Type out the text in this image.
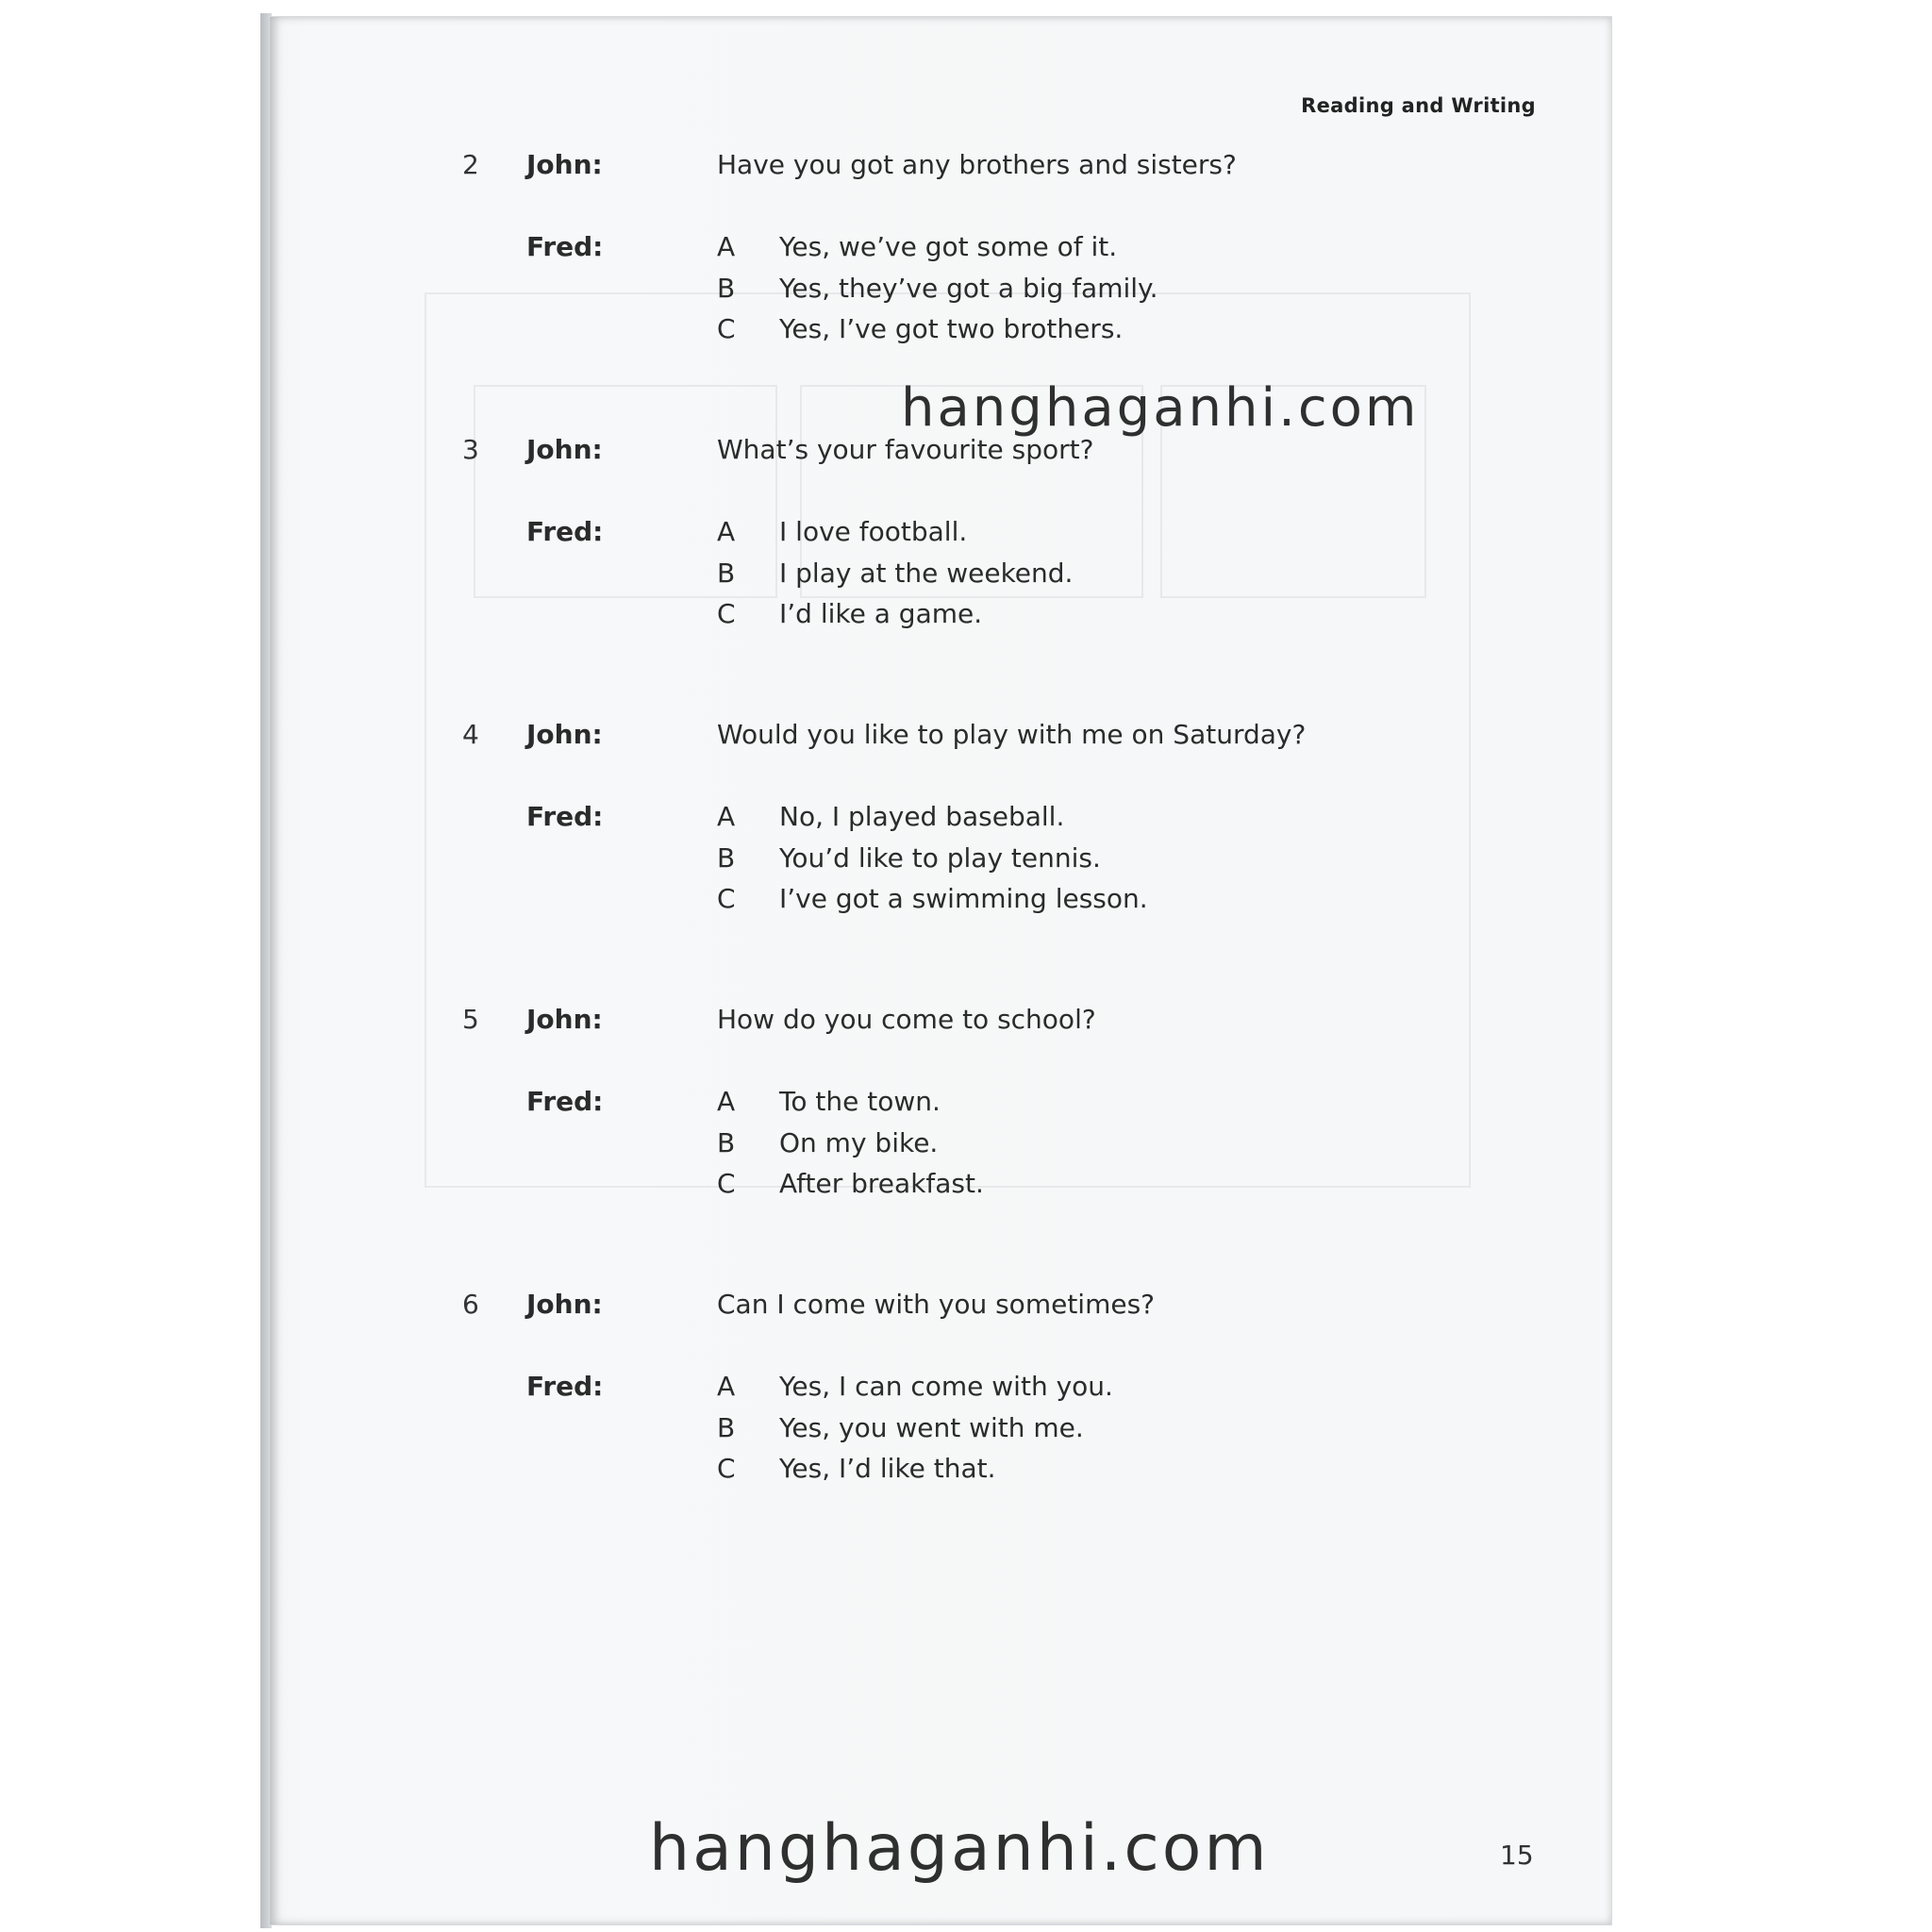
Reading and Writing
2 John:	Have you got any brothers and sisters?
Fred:	A Yes, we’ve got some of it.
B Yes, they’ve got a big family.
C Yes, I’ve got two brothers.
3 John:	What’s your favourite sport?
Fred:	A I love football.
B I play at the weekend.
C I’d like a game.
4 John:	Would you like to play with me on Saturday?
Fred:	A No, I played baseball.
B You’d like to play tennis.
C I’ve got a swimming lesson.
5 John:	How do you come to school?
Fred:	A To the town.
B On my bike.
C After breakfast.
6 John:	Can I come with you sometimes?
Fred:	A Yes, I can come with you.
B Yes, you went with me.
C Yes, I’d like that.
hanghaganhi.com
hanghaganhi.com	15
